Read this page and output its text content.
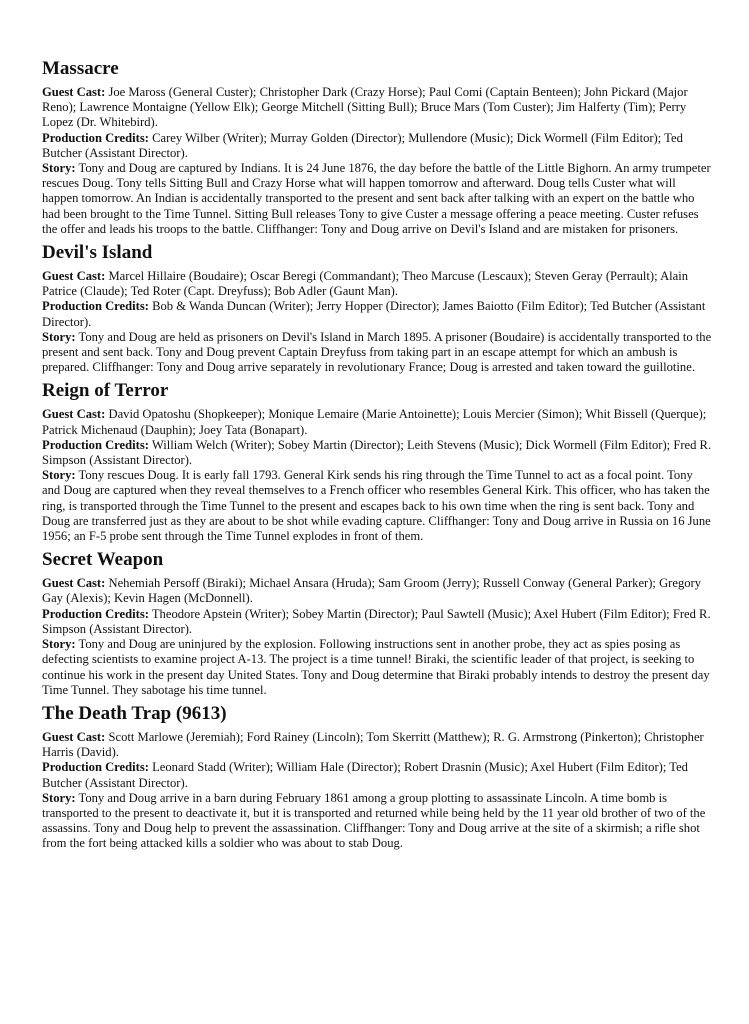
Massacre

Guest Cast: Joe Maross (General Custer); Christopher Dark (Crazy Horse); Paul Comi (Captain Benteen); John Pickard (Major Reno); Lawrence Montaigne (Yellow Elk); George Mitchell (Sitting Bull); Bruce Mars (Tom Custer); Jim Halferty (Tim); Perry Lopez (Dr. Whitebird).

Production Credits: Carey Wilber (Writer); Murray Golden (Director); Mullendore (Music); Dick Wormell (Film Editor); Ted Butcher (Assistant Director).

Story: Tony and Doug are captured by Indians. It is 24 June 1876, the day before the battle of the Little Bighorn. An army trumpeter rescues Doug. Tony tells Sitting Bull and Crazy Horse what will happen tomorrow and afterward. Doug tells Custer what will happen tomorrow. An Indian is accidentally transported to the present and sent back after talking with an expert on the battle who had been brought to the Time Tunnel. Sitting Bull releases Tony to give Custer a message offering a peace meeting. Custer refuses the offer and leads his troops to the battle. Cliffhanger: Tony and Doug arrive on Devil's Island and are mistaken for prisoners.

Devil's Island

Guest Cast: Marcel Hillaire (Boudaire); Oscar Beregi (Commandant); Theo Marcuse (Lescaux); Steven Geray (Perrault); Alain Patrice (Claude); Ted Roter (Capt. Dreyfuss); Bob Adler (Gaunt Man).

Production Credits: Bob & Wanda Duncan (Writer); Jerry Hopper (Director); James Baiotto (Film Editor); Ted Butcher (Assistant Director).

Story: Tony and Doug are held as prisoners on Devil's Island in March 1895. A prisoner (Boudaire) is accidentally transported to the present and sent back. Tony and Doug prevent Captain Dreyfuss from taking part in an escape attempt for which an ambush is prepared. Cliffhanger: Tony and Doug arrive separately in revolutionary France; Doug is arrested and taken toward the guillotine.

Reign of Terror

Guest Cast: David Opatoshu (Shopkeeper); Monique Lemaire (Marie Antoinette); Louis Mercier (Simon); Whit Bissell (Querque); Patrick Michenaud (Dauphin); Joey Tata (Bonapart).

Production Credits: William Welch (Writer); Sobey Martin (Director); Leith Stevens (Music); Dick Wormell (Film Editor); Fred R. Simpson (Assistant Director).

Story: Tony rescues Doug. It is early fall 1793. General Kirk sends his ring through the Time Tunnel to act as a focal point. Tony and Doug are captured when they reveal themselves to a French officer who resembles General Kirk. This officer, who has taken the ring, is transported through the Time Tunnel to the present and escapes back to his own time when the ring is sent back. Tony and Doug are transferred just as they are about to be shot while evading capture. Cliffhanger: Tony and Doug arrive in Russia on 16 June 1956; an F-5 probe sent through the Time Tunnel explodes in front of them.

Secret Weapon

Guest Cast: Nehemiah Persoff (Biraki); Michael Ansara (Hruda); Sam Groom (Jerry); Russell Conway (General Parker); Gregory Gay (Alexis); Kevin Hagen (McDonnell).

Production Credits: Theodore Apstein (Writer); Sobey Martin (Director); Paul Sawtell (Music); Axel Hubert (Film Editor); Fred R. Simpson (Assistant Director).

Story: Tony and Doug are uninjured by the explosion. Following instructions sent in another probe, they act as spies posing as defecting scientists to examine project A-13. The project is a time tunnel! Biraki, the scientific leader of that project, is seeking to continue his work in the present day United States. Tony and Doug determine that Biraki probably intends to destroy the present day Time Tunnel. They sabotage his time tunnel.

The Death Trap (9613)

Guest Cast: Scott Marlowe (Jeremiah); Ford Rainey (Lincoln); Tom Skerritt (Matthew); R. G. Armstrong (Pinkerton); Christopher Harris (David).

Production Credits: Leonard Stadd (Writer); William Hale (Director); Robert Drasnin (Music); Axel Hubert (Film Editor); Ted Butcher (Assistant Director).

Story: Tony and Doug arrive in a barn during February 1861 among a group plotting to assassinate Lincoln. A time bomb is transported to the present to deactivate it, but it is transported and returned while being held by the 11 year old brother of two of the assassins. Tony and Doug help to prevent the assassination. Cliffhanger: Tony and Doug arrive at the site of a skirmish; a rifle shot from the fort being attacked kills a soldier who was about to stab Doug.
